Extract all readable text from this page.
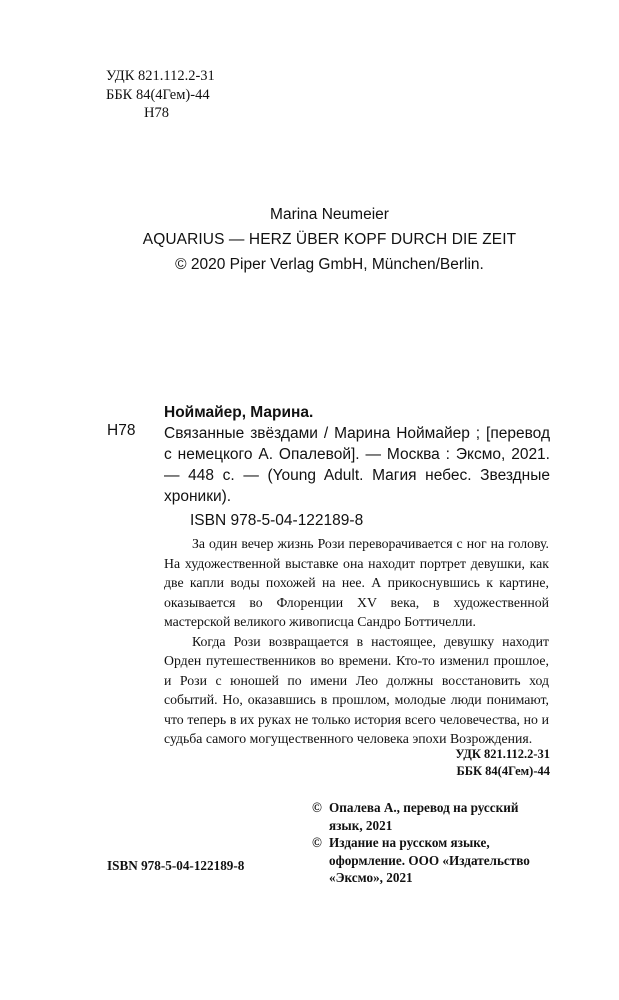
УДК 821.112.2-31
ББК 84(4Гем)-44
Н78
Marina Neumeier
AQUARIUS — HERZ ÜBER KOPF DURCH DIE ZEIT
© 2020 Piper Verlag GmbH, München/Berlin.
Н78
Ноймайер, Марина.
Связанные звёздами / Марина Ноймайер ; [перевод с немецкого А. Опалевой]. — Москва : Эксмо, 2021. — 448 с. — (Young Adult. Магия небес. Звездные хроники).
ISBN 978-5-04-122189-8

За один вечер жизнь Рози переворачивается с ног на голову. На художественной выставке она находит портрет девушки, как две капли воды похожей на нее. А прикоснувшись к картине, оказывается во Флоренции XV века, в художественной мастерской великого живописца Сандро Боттичелли.

Когда Рози возвращается в настоящее, девушку находит Орден путешественников во времени. Кто-то изменил прошлое, и Рози с юношей по имени Лео должны восстановить ход событий. Но, оказавшись в прошлом, молодые люди понимают, что теперь в их руках не только история всего человечества, но и судьба самого могущественного человека эпохи Возрождения.

УДК 821.112.2-31
ББК 84(4Гем)-44
© Опалева А., перевод на русский язык, 2021
© Издание на русском языке, оформление. ООО «Издательство «Эксмо», 2021
ISBN 978-5-04-122189-8
